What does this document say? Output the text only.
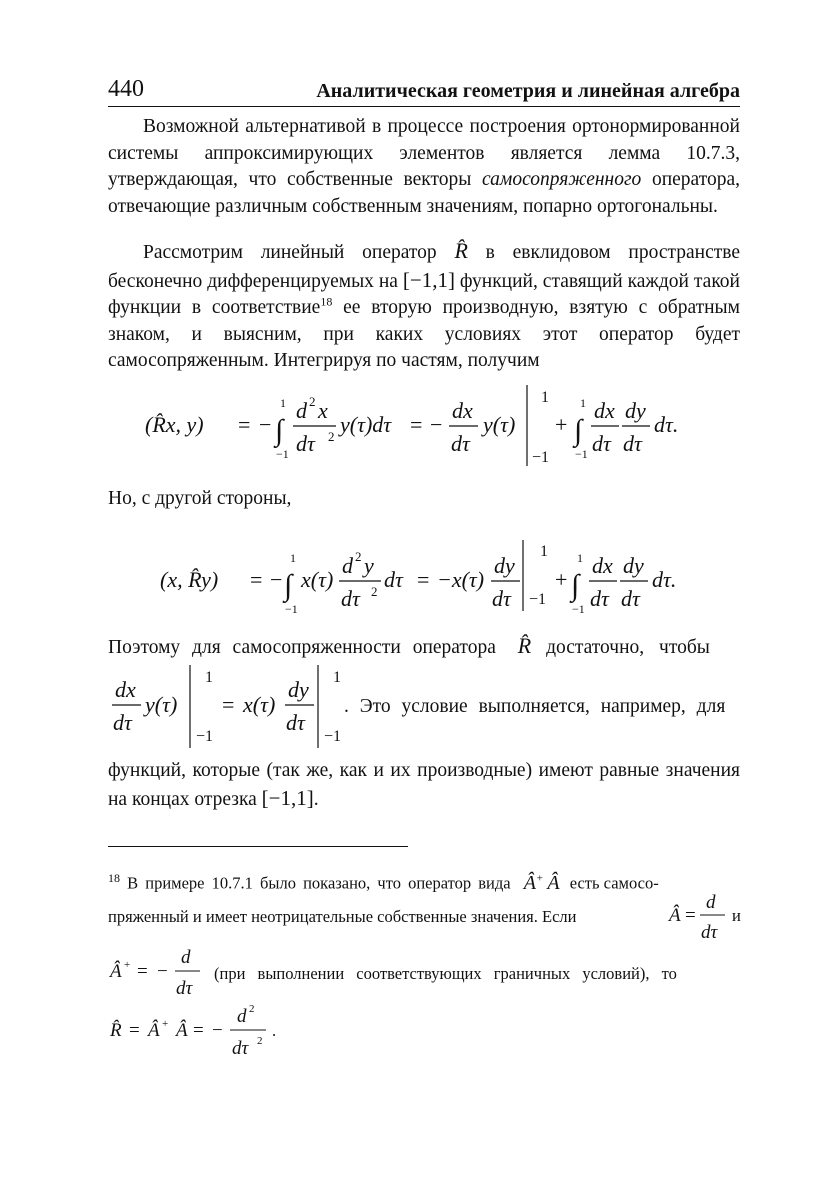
440	Аналитическая геометрия и линейная алгебра

Возможной альтернативой в процессе построения ортонормированной системы аппроксимирующих элементов является лемма 10.7.3, утверждающая, что собственные векторы самосопряженного оператора, отвечающие различным собственным значениям, попарно ортогональны.

Рассмотрим линейный оператор R̂ в евклидовом пространстве бесконечно дифференцируемых на [−1,1] функций, ставящий каждой такой функции в соответствие$^{18}$ ее вторую производную, взятую с обратным знаком, и выясним, при каких условиях этот оператор будет самосопряженным. Интегрируя по частям, получим

(R̂x, y) = − ∫
1
−1
d 2 x
dτ 2 y(τ)dτ = −
dx
dτ
y(τ)
1
−1
+ ∫
1
−1
dx
dτ
dy
dτ
dτ.

Но, с другой стороны,

(x, R̂y) = − ∫
1
−1
x(τ)
d 2 y
dτ 2 dτ = −x(τ)
dy
dτ
1
−1
+ ∫
1
−1
dx
dτ
dy
dτ
dτ.
Поэтому для самосопряженности оператора R̂ достаточно, чтобы
dx
dτ
y(τ)
1
−1
= x(τ)
dy
dτ
1
−1
. Это условие выполняется, например, для

функций, которые (так же, как и их производные) имеют равные значения на концах отрезка [−1,1].

$^{18}$ В примере 10.7.1 было показано, что оператор вида Â+ Â есть самосо-
пряженный и имеет неотрицательные собственные значения. Если	Â =
d
dτ
и
Â + = −
d
dτ
R̂ = Â + Â = −
d 2
dτ 2
.
(при выполнении соответствующих граничных условий), то
